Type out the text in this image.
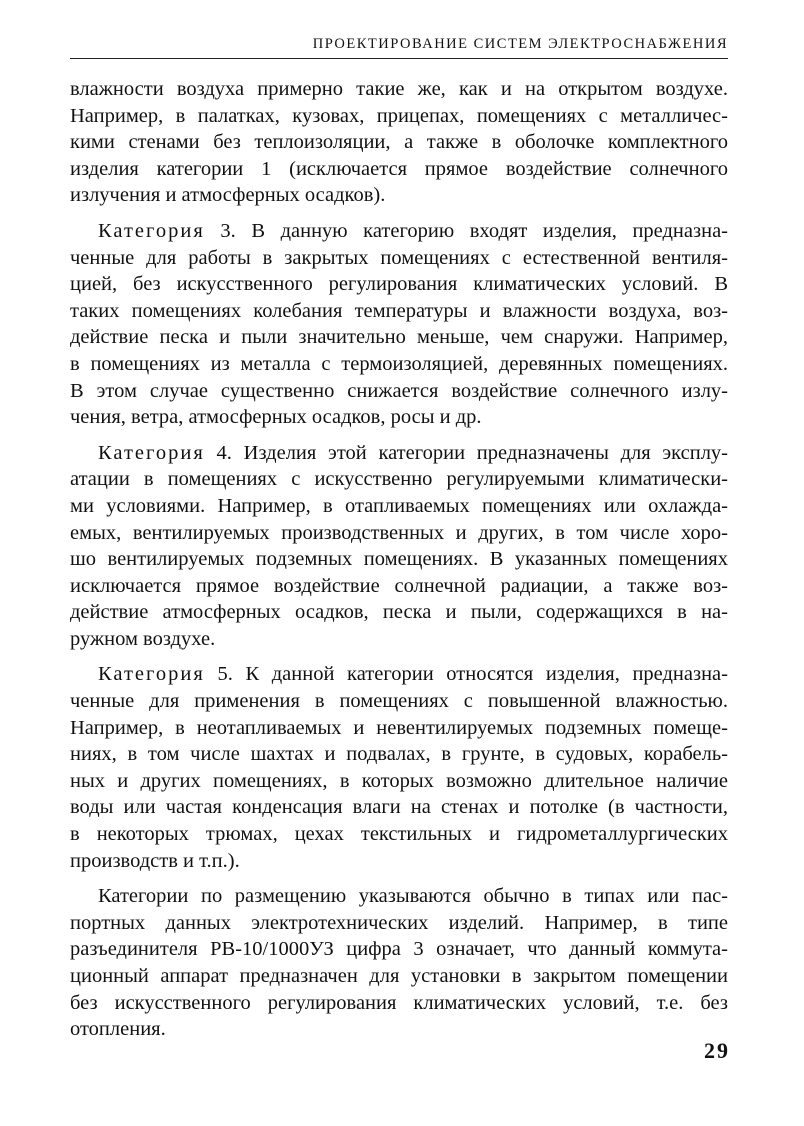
ПРОЕКТИРОВАНИЕ СИСТЕМ ЭЛЕКТРОСНАБЖЕНИЯ
влажности воздуха примерно такие же, как и на открытом воздухе.
Например, в палатках, кузовах, прицепах, помещениях с металличес-
кими стенами без теплоизоляции, а также в оболочке комплектного
изделия категории 1 (исключается прямое воздействие солнечного
излучения и атмосферных осадков).
Категория 3. В данную категорию входят изделия, предназна-
ченные для работы в закрытых помещениях с естественной вентиля-
цией, без искусственного регулирования климатических условий. В
таких помещениях колебания температуры и влажности воздуха, воз-
действие песка и пыли значительно меньше, чем снаружи. Например,
в помещениях из металла с термоизоляцией, деревянных помещениях.
В этом случае существенно снижается воздействие солнечного излу-
чения, ветра, атмосферных осадков, росы и др.
Категория 4. Изделия этой категории предназначены для эксплу-
атации в помещениях с искусственно регулируемыми климатически-
ми условиями. Например, в отапливаемых помещениях или охлажда-
емых, вентилируемых производственных и других, в том числе хоро-
шо вентилируемых подземных помещениях. В указанных помещениях
исключается прямое воздействие солнечной радиации, а также воз-
действие атмосферных осадков, песка и пыли, содержащихся в на-
ружном воздухе.
Категория 5. К данной категории относятся изделия, предназна-
ченные для применения в помещениях с повышенной влажностью.
Например, в неотапливаемых и невентилируемых подземных помеще-
ниях, в том числе шахтах и подвалах, в грунте, в судовых, корабель-
ных и других помещениях, в которых возможно длительное наличие
воды или частая конденсация влаги на стенах и потолке (в частности,
в некоторых трюмах, цехах текстильных и гидрометаллургических
производств и т.п.).
Категории по размещению указываются обычно в типах или пас-
портных данных электротехнических изделий. Например, в типе
разъединителя РВ-10/1000УЗ цифра 3 означает, что данный коммута-
ционный аппарат предназначен для установки в закрытом помещении
без искусственного регулирования климатических условий, т.е. без
отопления.
29
